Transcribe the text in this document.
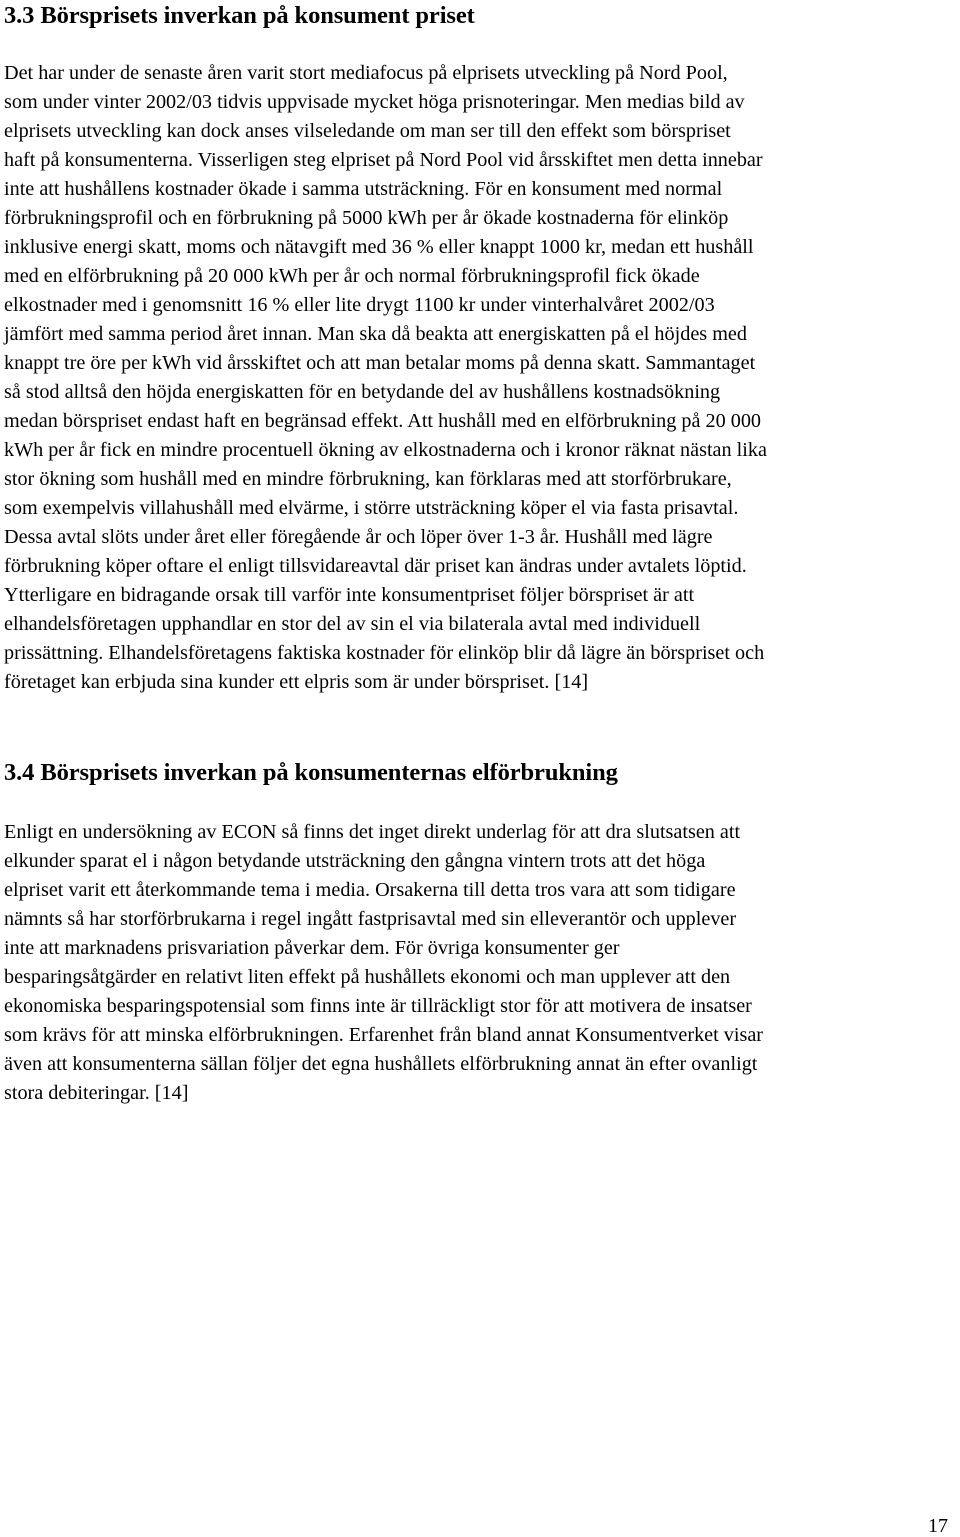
3.3 Börsprisets inverkan på konsument priset
Det har under de senaste åren varit stort mediafocus på elprisets utveckling på Nord Pool,
som under vinter 2002/03 tidvis uppvisade mycket höga prisnoteringar. Men medias bild av
elprisets utveckling kan dock anses vilseledande om man ser till den effekt som börspriset
haft på konsumenterna. Visserligen steg elpriset på Nord Pool vid årsskiftet men detta innebar
inte att hushållens kostnader ökade i samma utsträckning. För en konsument med normal
förbrukningsprofil och en förbrukning på 5000 kWh per år ökade kostnaderna för elinköp
inklusive energi skatt, moms och nätavgift med 36 % eller knappt 1000 kr, medan ett hushåll
med en elförbrukning på 20 000 kWh per år och normal förbrukningsprofil fick ökade
elkostnader med i genomsnitt 16 % eller lite drygt 1100 kr under vinterhalvåret 2002/03
jämfört med samma period året innan. Man ska då beakta att energiskatten på el höjdes med
knappt tre öre per kWh vid årsskiftet och att man betalar moms på denna skatt. Sammantaget
så stod alltså den höjda energiskatten för en betydande del av hushållens kostnadsökning
medan börspriset endast haft en begränsad effekt. Att hushåll med en elförbrukning på 20 000
kWh per år fick en mindre procentuell ökning av elkostnaderna och i kronor räknat nästan lika
stor ökning som hushåll med en mindre förbrukning, kan förklaras med att storförbrukare,
som exempelvis villahushåll med elvärme, i större utsträckning köper el via fasta prisavtal.
Dessa avtal slöts under året eller föregående år och löper över 1-3 år. Hushåll med lägre
förbrukning köper oftare el enligt tillsvidareavtal där priset kan ändras under avtalets löptid.
Ytterligare en bidragande orsak till varför inte konsumentpriset följer börspriset är att
elhandelsföretagen upphandlar en stor del av sin el via bilaterala avtal med individuell
prissättning. Elhandelsföretagens faktiska kostnader för elinköp blir då lägre än börspriset och
företaget kan erbjuda sina kunder ett elpris som är under börspriset. [14]
3.4 Börsprisets inverkan på konsumenternas elförbrukning
Enligt en undersökning av ECON så finns det inget direkt underlag för att dra slutsatsen att
elkunder sparat el i någon betydande utsträckning den gångna vintern trots att det höga
elpriset varit ett återkommande tema i media. Orsakerna till detta tros vara att som tidigare
nämnts så har storförbrukarna i regel ingått fastprisavtal med sin elleverantör och upplever
inte att marknadens prisvariation påverkar dem. För övriga konsumenter ger
besparingsåtgärder en relativt liten effekt på hushållets ekonomi och man upplever att den
ekonomiska besparingspotensial som finns inte är tillräckligt stor för att motivera de insatser
som krävs för att minska elförbrukningen. Erfarenhet från bland annat Konsumentverket visar
även att konsumenterna sällan följer det egna hushållets elförbrukning annat än efter ovanligt
stora debiteringar. [14]
17
